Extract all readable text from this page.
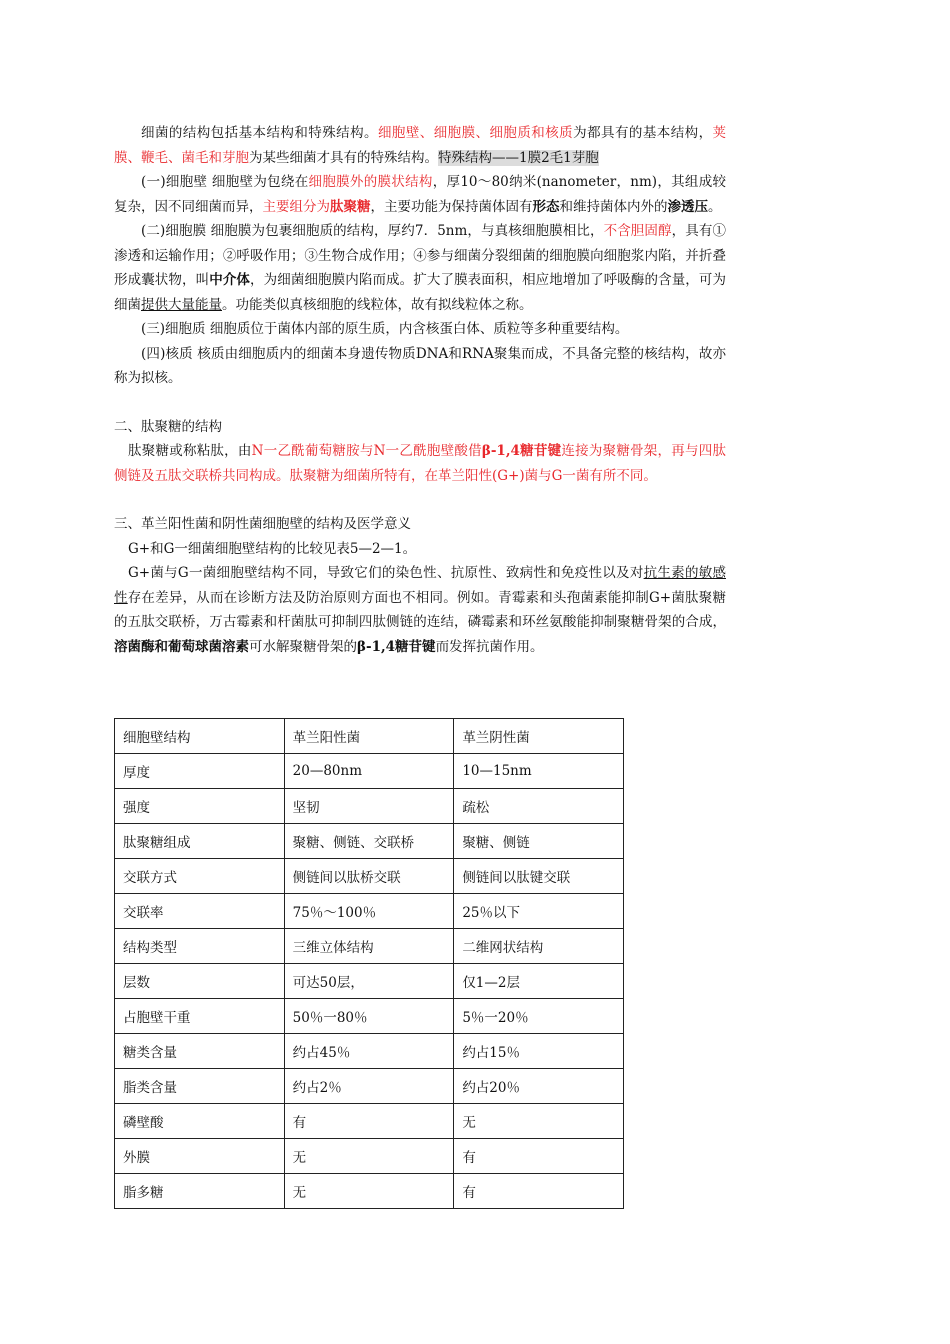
细菌的结构包括基本结构和特殊结构。细胞壁、细胞膜、细胞质和核质为都具有的基本结构，荚膜、鞭毛、菌毛和芽胞为某些细菌才具有的特殊结构。特殊结构——1膜2毛1芽胞

(一)细胞壁 细胞壁为包绕在细胞膜外的膜状结构，厚10～80纳米(nanometer，nm)，其组成较复杂，因不同细菌而异，主要组分为肽聚糖，主要功能为保持菌体固有形态和维持菌体内外的渗透压。

(二)细胞膜 细胞膜为包裹细胞质的结构，厚约7．5nm，与真核细胞膜相比，不含胆固醇，具有①渗透和运输作用；②呼吸作用；③生物合成作用；④参与细菌分裂细菌的细胞膜向细胞浆内陷，并折叠形成囊状物，叫中介体，为细菌细胞膜内陷而成。扩大了膜表面积，相应地增加了呼吸酶的含量，可为细菌提供大量能量。功能类似真核细胞的线粒体，故有拟线粒体之称。

(三)细胞质 细胞质位于菌体内部的原生质，内含核蛋白体、质粒等多种重要结构。

(四)核质 核质由细胞质内的细菌本身遗传物质DNA和RNA聚集而成，不具备完整的核结构，故亦称为拟核。

二、肽聚糖的结构

肽聚糖或称粘肽，由N一乙酰葡萄糖胺与N一乙酰胞壁酸借β-1,4糖苷键连接为聚糖骨架，再与四肽侧链及五肽交联桥共同构成。肽聚糖为细菌所特有，在革兰阳性(G+)菌与G一菌有所不同。

三、革兰阳性菌和阴性菌细胞壁的结构及医学意义

G+和G一细菌细胞壁结构的比较见表5—2—1。

G+菌与G一菌细胞壁结构不同，导致它们的染色性、抗原性、致病性和免疫性以及对抗生素的敏感性存在差异，从而在诊断方法及防治原则方面也不相同。例如。青霉素和头孢菌素能抑制G+菌肽聚糖的五肽交联桥，万古霉素和杆菌肽可抑制四肽侧链的连结，磷霉素和环丝氨酸能抑制聚糖骨架的合成，溶菌酶和葡萄球菌溶素可水解聚糖骨架的β-1,4糖苷键而发挥抗菌作用。

细胞壁结构	革兰阳性菌	革兰阴性菌
厚度	20—80nm	10—15nm
强度	坚韧	疏松
肽聚糖组成	聚糖、侧链、交联桥	聚糖、侧链
交联方式	侧链间以肽桥交联	侧链间以肽键交联
交联率	75％～100％	25％以下
结构类型	三维立体结构	二维网状结构
层数	可达50层，	仅1—2层
占胞壁干重	50％一80％	5％一20％
糖类含量	约占45％	约占15％
脂类含量	约占2％	约占20％
磷壁酸	有	无
外膜	无	有
脂多糖	无	有
